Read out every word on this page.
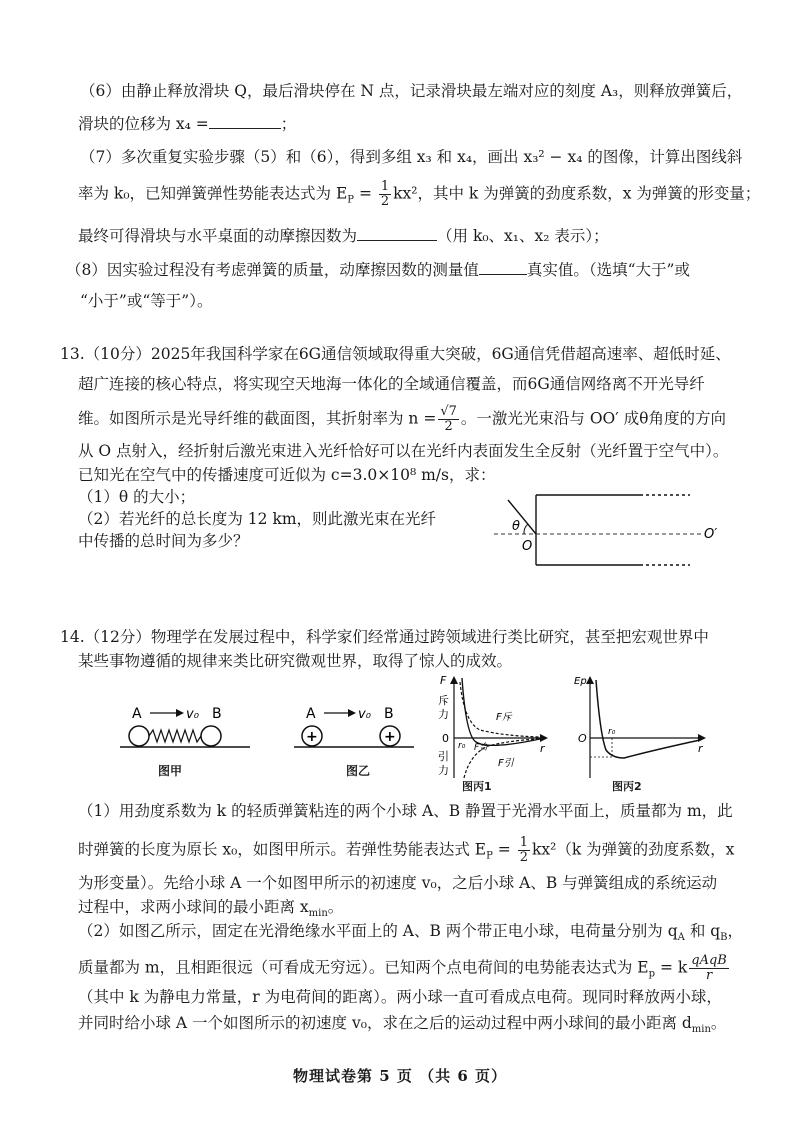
（6）由静止释放滑块 Q，最后滑块停在 N 点，记录滑块最左端对应的刻度 A₃，则释放弹簧后，
滑块的位移为 x₄ =	；
（7）多次重复实验步骤（5）和（6），得到多组 x₃ 和 x₄，画出 x₃² − x₄ 的图像，计算出图线斜
率为 k₀，已知弹簧弹性势能表达式为 $E_P = \frac{1}{2} kx^2$，其中 k 为弹簧的劲度系数，x 为弹簧的形变量；
最终可得滑块与水平桌面的动摩擦因数为	（用 k₀、x₁、x₂ 表示）；
（8）因实验过程没有考虑弹簧的质量，动摩擦因数的测量值	真实值。（选填“大于”或
“小于”或“等于”）。
13.（10分）2025年我国科学家在6G通信领域取得重大突破，6G通信凭借超高速率、超低时延、
超广连接的核心特点，将实现空天地海一体化的全域通信覆盖，而6G通信网络离不开光导纤
维。如图所示是光导纤维的截面图，其折射率为 $n = \frac{√7}{2}$ 。一激光光束沿与 OO′ 成θ角度的方向
从 O 点射入，经折射后激光束进入光纤恰好可以在光纤内表面发生全反射（光纤置于空气中）。
已知光在空气中的传播速度可近似为 c=3.0×10⁸ m/s，求：
（1）θ 的大小；
（2）若光纤的总长度为 12 km，则此激光束在光纤
中传播的总时间为多少？
θ
O
O′
14.（12分）物理学在发展过程中，科学家们经常通过跨领域进行类比研究，甚至把宏观世界中
某些事物遵循的规律来类比研究微观世界，取得了惊人的成效。
A	v₀ B
图甲
A	v₀ B
+	+
图乙
F
斥
力
0
引
力
F斥
r₀ F合
F引
r
图丙1
Ep
O r₀
r
图丙2
（1）用劲度系数为 k 的轻质弹簧粘连的两个小球 A、B 静置于光滑水平面上，质量都为 m，此
时弹簧的长度为原长 x₀，如图甲所示。若弹性势能表达式 $E_P = \frac{1}{2} kx^2(k$ 为弹簧的劲度系数，x
为形变量）。先给小球 A 一个如图甲所示的初速度 v₀，之后小球 A、B 与弹簧组成的系统运动
过程中，求两小球间的最小距离 $x_{min}$。
（2）如图乙所示，固定在光滑绝缘水平面上的 A、B 两个带正电小球，电荷量分别为 $q_A$ 和 $q_B$，
质量都为 m，且相距很远（可看成无穷远）。已知两个点电荷间的电势能表达式为 $E_p = k \frac{\text{qAqB}}{r}$
（其中 k 为静电力常量，r 为电荷间的距离）。两小球一直可看成点电荷。现同时释放两小球，
并同时给小球 A 一个如图所示的初速度 v₀，求在之后的运动过程中两小球间的最小距离 $d_{min}$。
物理试卷第 5 页 （共 6 页）
